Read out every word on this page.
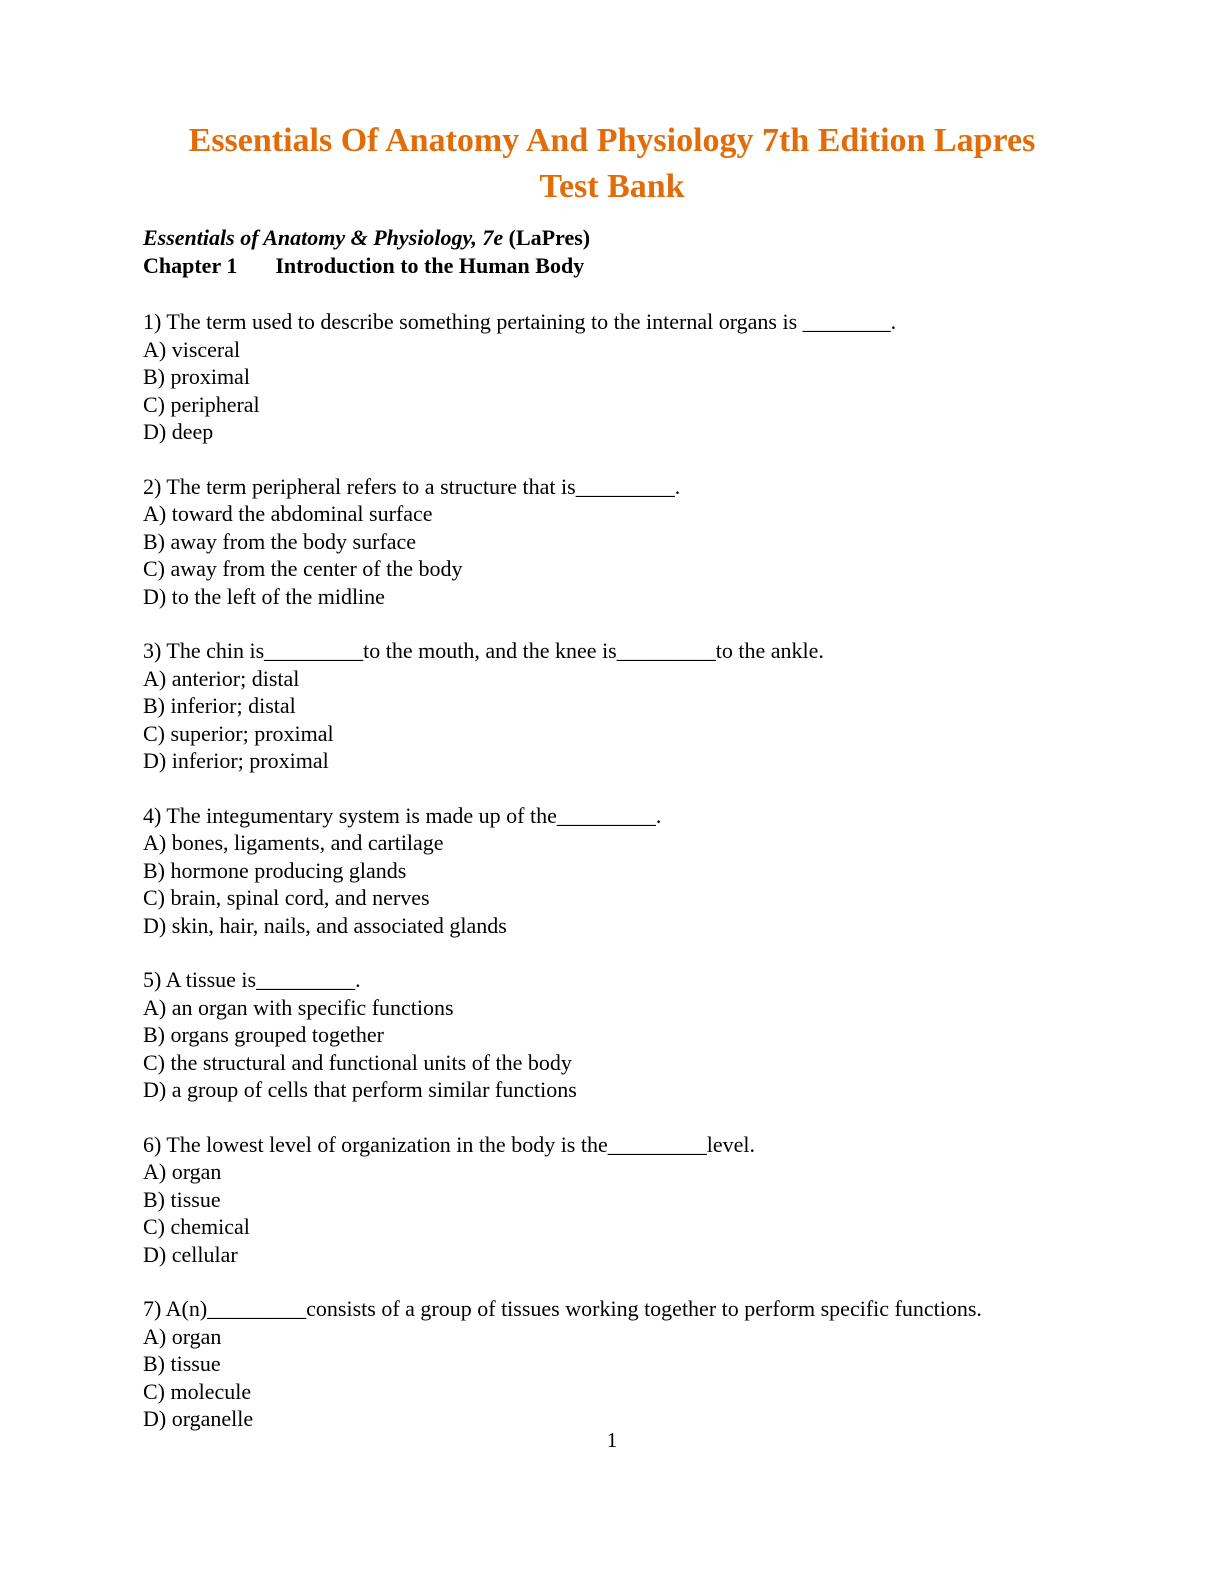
Essentials Of Anatomy And Physiology 7th Edition Lapres
Test Bank
Essentials of Anatomy & Physiology, 7e (LaPres)
Chapter 1 Introduction to the Human Body
1) The term used to describe something pertaining to the internal organs is ________.
A) visceral
B) proximal
C) peripheral
D) deep
2) The term peripheral refers to a structure that is_________.
A) toward the abdominal surface
B) away from the body surface
C) away from the center of the body
D) to the left of the midline
3) The chin is_________to the mouth, and the knee is_________to the ankle.
A) anterior; distal
B) inferior; distal
C) superior; proximal
D) inferior; proximal
4) The integumentary system is made up of the_________.
A) bones, ligaments, and cartilage
B) hormone producing glands
C) brain, spinal cord, and nerves
D) skin, hair, nails, and associated glands
5) A tissue is_________.
A) an organ with specific functions
B) organs grouped together
C) the structural and functional units of the body
D) a group of cells that perform similar functions
6) The lowest level of organization in the body is the_________level.
A) organ
B) tissue
C) chemical
D) cellular
7) A(n)_________consists of a group of tissues working together to perform specific functions.
A) organ
B) tissue
C) molecule
D) organelle
1
